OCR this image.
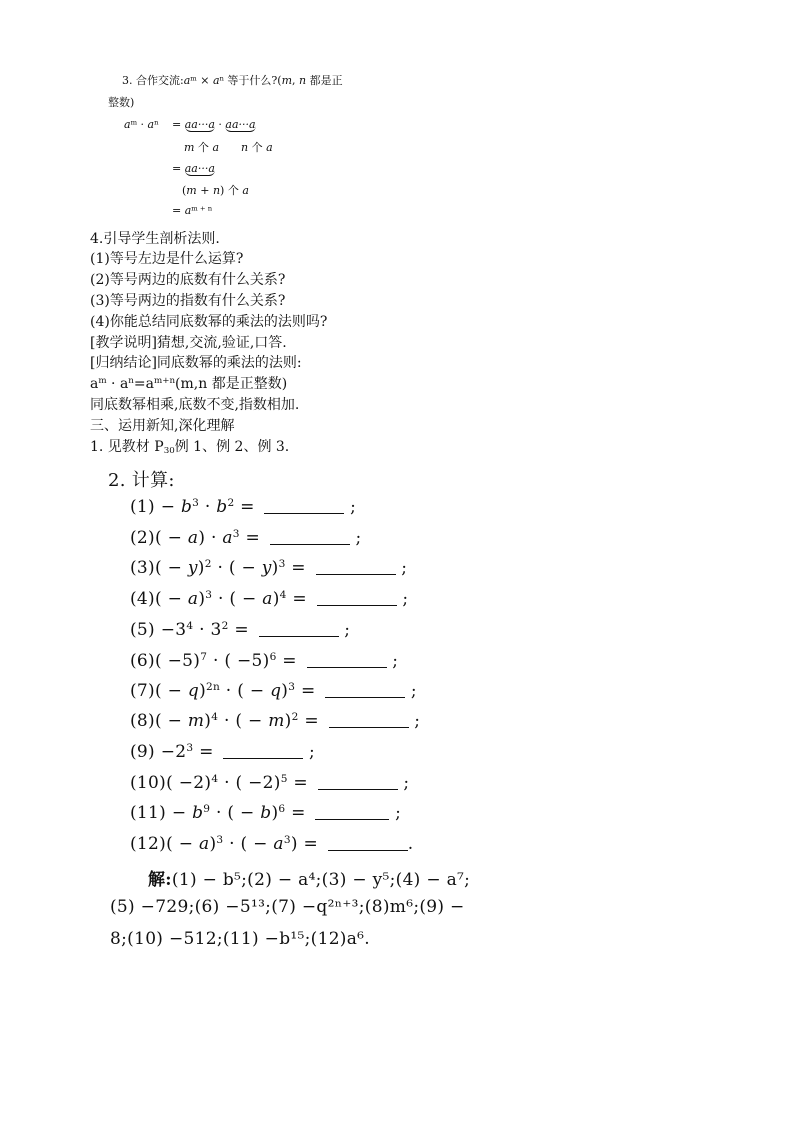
3. 合作交流$:a^m \times a^n$ 等于什么?(m, n 都是正
整数)
$a^m \cdot a^n = aa\cdot\cdot\cdot a \cdot aa\cdot\cdot\cdot a$
m 个 a n 个 a
= aa···a
(m + n) 个 a
= $a^{m + n}$
4.引导学生剖析法则.
(1)等号左边是什么运算?
(2)等号两边的底数有什么关系?
(3)等号两边的指数有什么关系?
(4)你能总结同底数幂的乘法的法则吗?
[教学说明]猜想,交流,验证,口答.
[归纳结论]同底数幂的乘法的法则:
$a^m \cdot a^n=a^{m+n}(m,n$ 都是正整数)
同底数幂相乘,底数不变,指数相加.
三、运用新知,深化理解
1. 见教材 $P_{30}$例 1、例 2、例 3.
2. 计算:
$(1) - b^3 \cdot b^2$ =	;
$(2)( - a) \cdot a^3$ =	;
$(3)( - y)^2$ · ( − y)$^3$ =	;
$(4)( - a)^3$ · ( − a)$^4$ =	;
$(5) -3^4 \cdot 3^2$ =	;
$(6)( -5)^7$ · ( −5)$^6$ =	;
$(7)( - q)^{2n}$ · ( − q)$^3$ =	;
$(8)( - m)^4$ · ( − m)$^2$ =	;
$(9) -2^3$ =	;
$(10)( -2)^4$ · ( −2)$^5$ =	;
$(11) - b^9$ · ( − b)$^6$ =	;
$(12)( - a)^3$ · ( − $a^3$) =	.
解:(1) − b⁵;(2) − a⁴;(3) − y⁵;(4) − a⁷;
(5) −729;(6) −5¹³;(7) −q²ⁿ⁺³;(8)m⁶;(9) −
8;(10) −512;(11) −b¹⁵;(12)a⁶.
